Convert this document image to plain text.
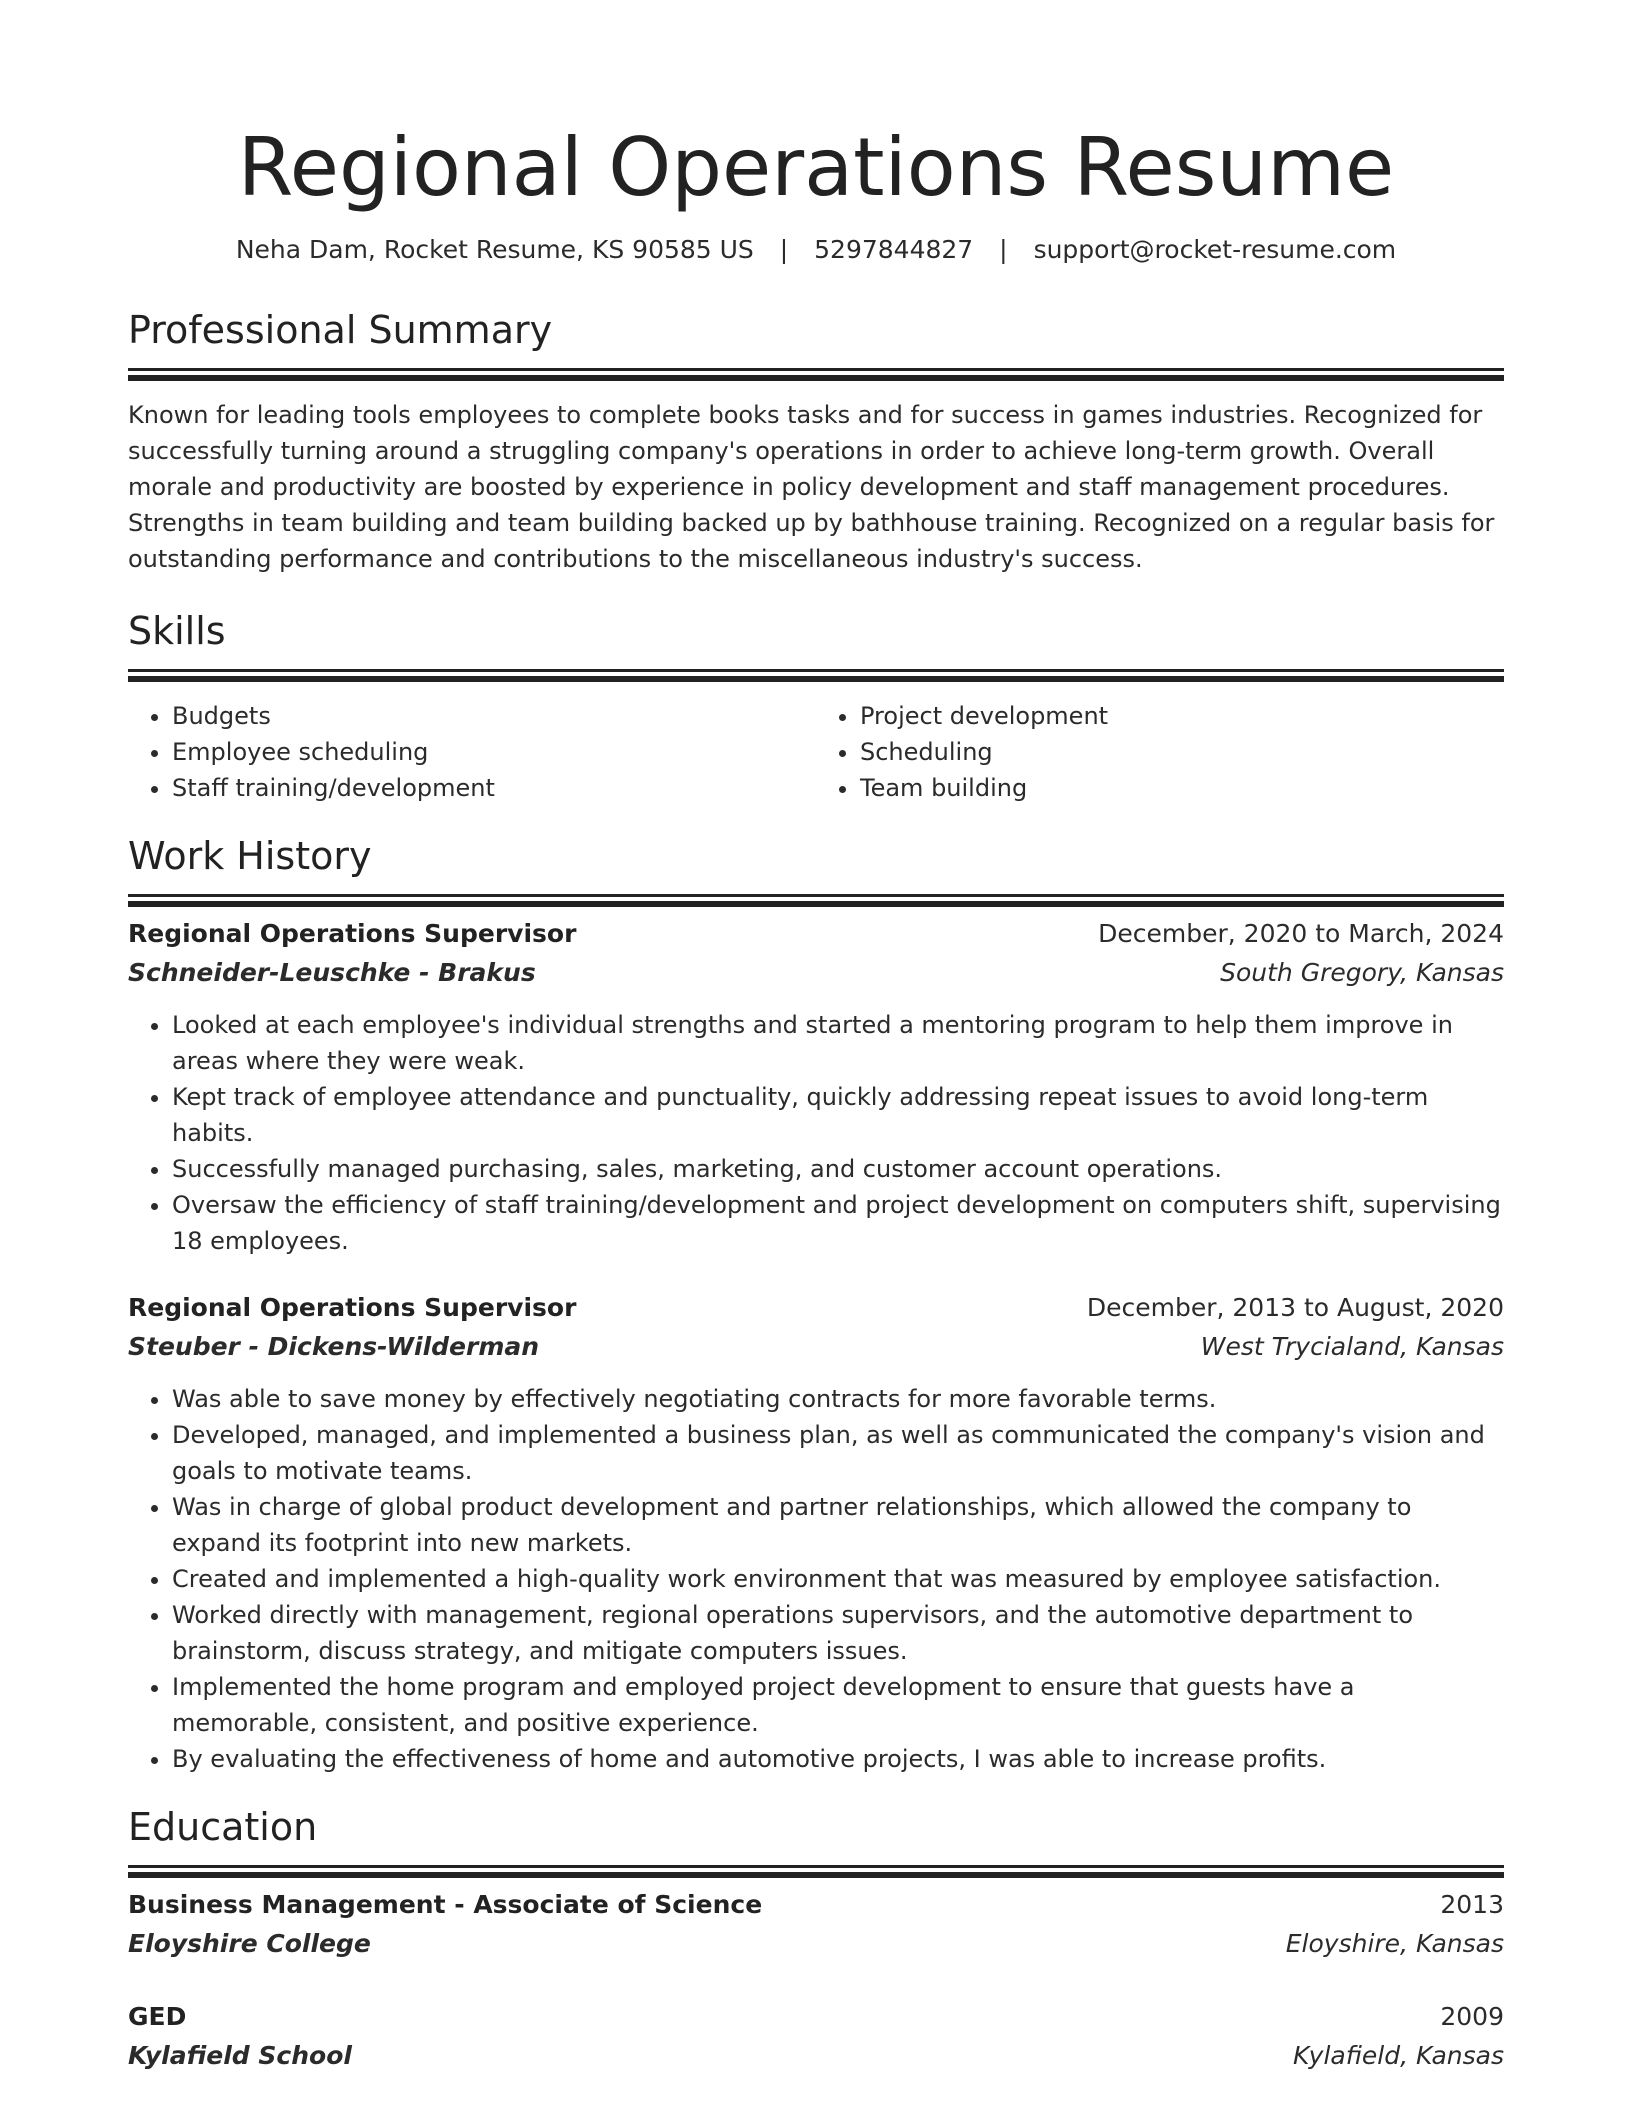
Regional Operations Resume
Neha Dam, Rocket Resume, KS 90585 US | 5297844827 | support@rocket-resume.com
Professional Summary

Known for leading tools employees to complete books tasks and for success in games industries. Recognized for successfully turning around a struggling company's operations in order to achieve long-term growth. Overall morale and productivity are boosted by experience in policy development and staff management procedures. Strengths in team building and team building backed up by bathhouse training. Recognized on a regular basis for outstanding performance and contributions to the miscellaneous industry's success.

Skills
• Budgets
• Employee scheduling
• Staff training/development
• Project development
• Scheduling
• Team building
Work History
Regional Operations Supervisor	December, 2020 to March, 2024
Schneider-Leuschke - Brakus	South Gregory, Kansas
• Looked at each employee's individual strengths and started a mentoring program to help them improve in areas where they were weak.
• Kept track of employee attendance and punctuality, quickly addressing repeat issues to avoid long-term habits.
• Successfully managed purchasing, sales, marketing, and customer account operations.
• Oversaw the efficiency of staff training/development and project development on computers shift, supervising 18 employees.
Regional Operations Supervisor	December, 2013 to August, 2020
Steuber - Dickens-Wilderman	West Trycialand, Kansas
• Was able to save money by effectively negotiating contracts for more favorable terms.
• Developed, managed, and implemented a business plan, as well as communicated the company's vision and goals to motivate teams.
• Was in charge of global product development and partner relationships, which allowed the company to expand its footprint into new markets.
• Created and implemented a high-quality work environment that was measured by employee satisfaction.
• Worked directly with management, regional operations supervisors, and the automotive department to brainstorm, discuss strategy, and mitigate computers issues.
• Implemented the home program and employed project development to ensure that guests have a memorable, consistent, and positive experience.
• By evaluating the effectiveness of home and automotive projects, I was able to increase profits.
Education
Business Management - Associate of Science	2013
Eloyshire College	Eloyshire, Kansas
GED	2009
Kylafield School	Kylafield, Kansas
